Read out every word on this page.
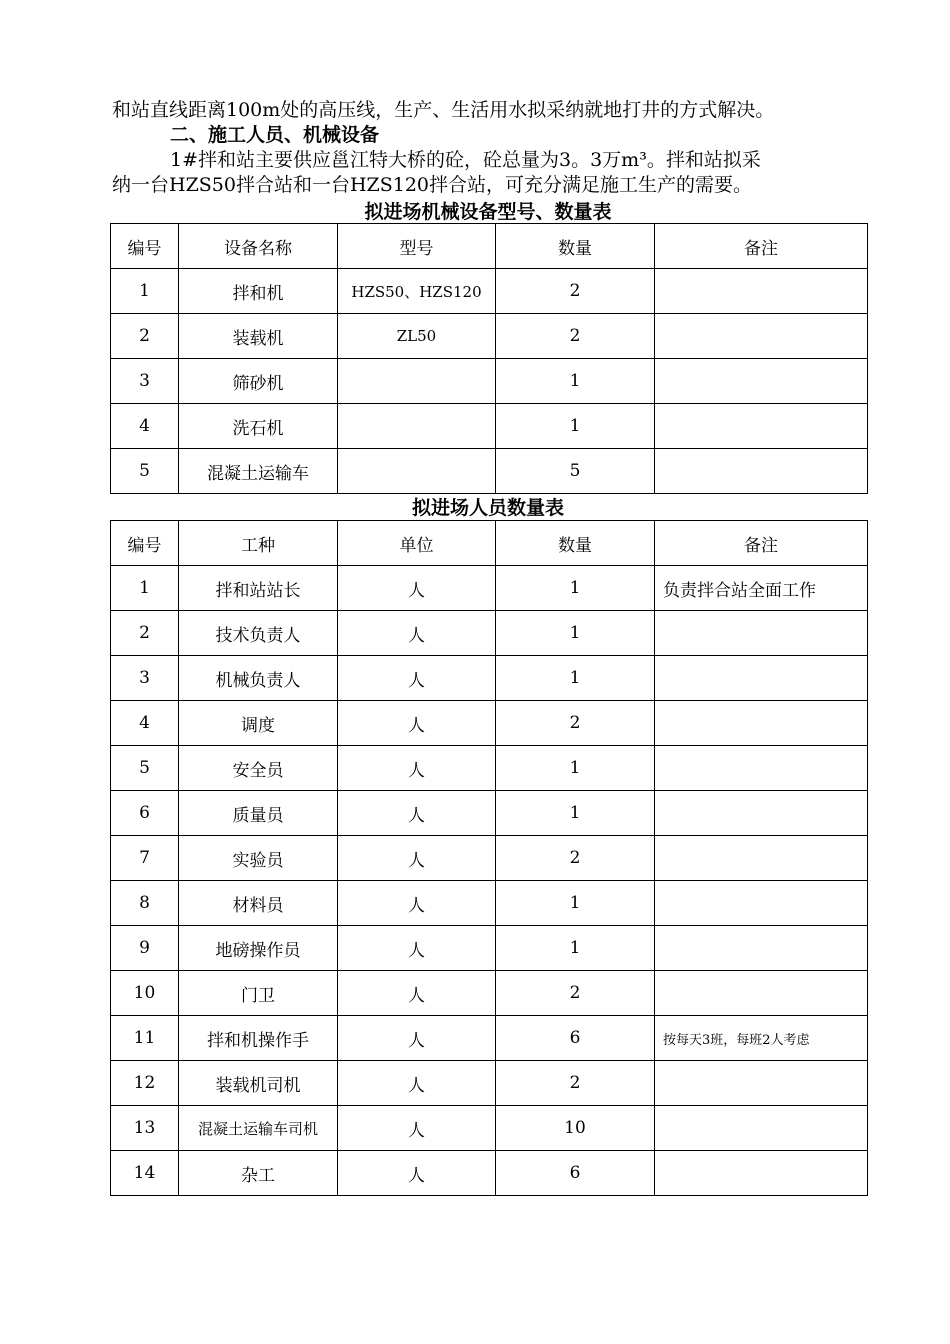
和站直线距离100m处的高压线，生产、生活用水拟采纳就地打井的方式解决。
二、施工人员、机械设备
1#拌和站主要供应邕江特大桥的砼，砼总量为3。3万m³。拌和站拟采
纳一台HZS50拌合站和一台HZS120拌合站，可充分满足施工生产的需要。
拟进场机械设备型号、数量表
编号	设备名称	型号	数量	备注
1	拌和机	HZS50、HZS120	2	
2	装载机	ZL50	2	
3	筛砂机		1	
4	洗石机		1	
5	混凝土运输车		5	
拟进场人员数量表
编号	工种	单位	数量	备注
1	拌和站站长	人	1	负责拌合站全面工作
2	技术负责人	人	1	
3	机械负责人	人	1	
4	调度	人	2	
5	安全员	人	1	
6	质量员	人	1	
7	实验员	人	2	
8	材料员	人	1	
9	地磅操作员	人	1	
10	门卫	人	2	
11	拌和机操作手	人	6	按每天3班，每班2人考虑
12	装载机司机	人	2	
13	混凝土运输车司机	人	10	
14	杂工	人	6	
